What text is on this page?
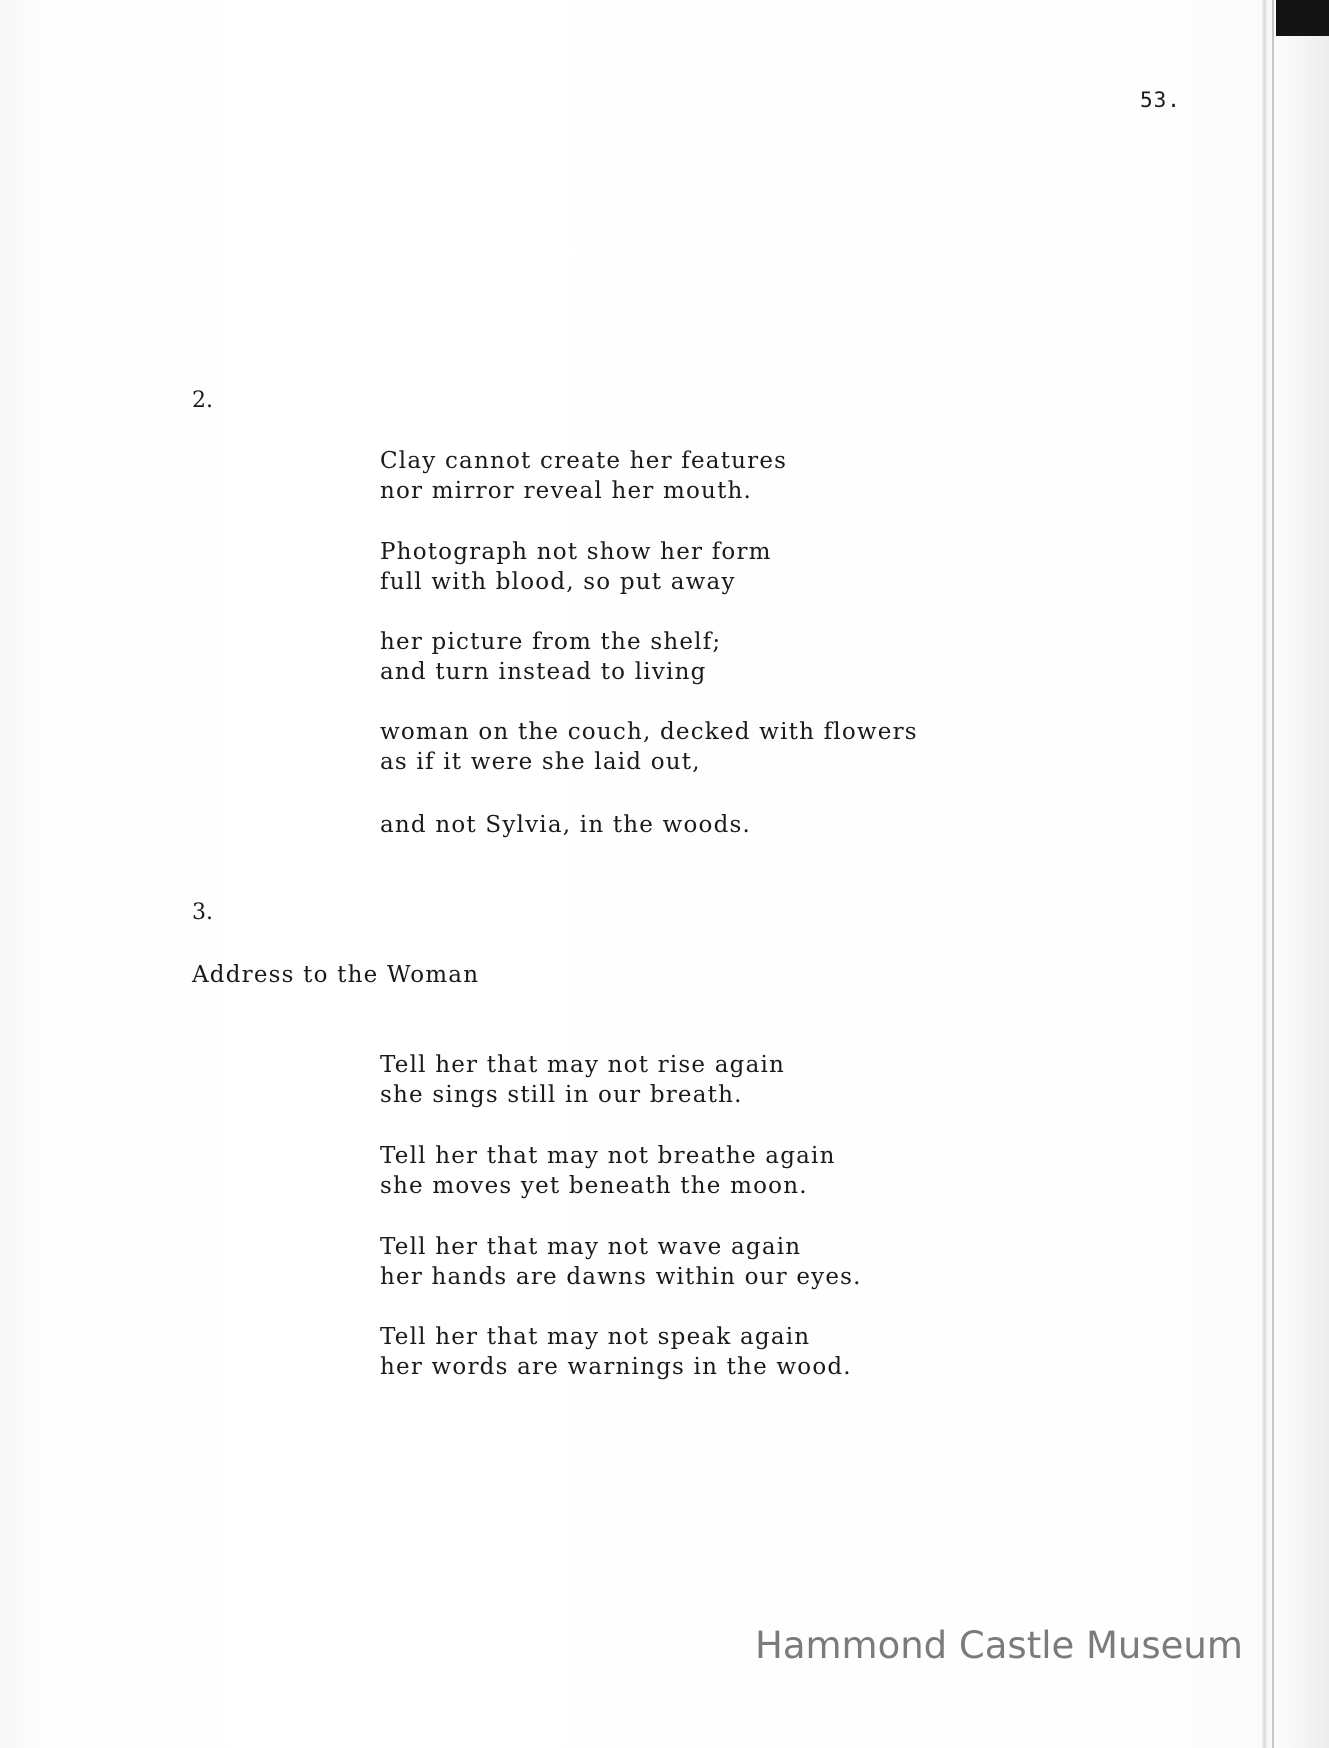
53.
2.
Clay cannot create her features
nor mirror reveal her mouth.
Photograph not show her form
full with blood, so put away
her picture from the shelf;
and turn instead to living
woman on the couch, decked with flowers
as if it were she laid out,
and not Sylvia, in the woods.
3.
Address to the Woman
Tell her that may not rise again
she sings still in our breath.
Tell her that may not breathe again
she moves yet beneath the moon.
Tell her that may not wave again
her hands are dawns within our eyes.
Tell her that may not speak again
her words are warnings in the wood.
Hammond Castle Museum
